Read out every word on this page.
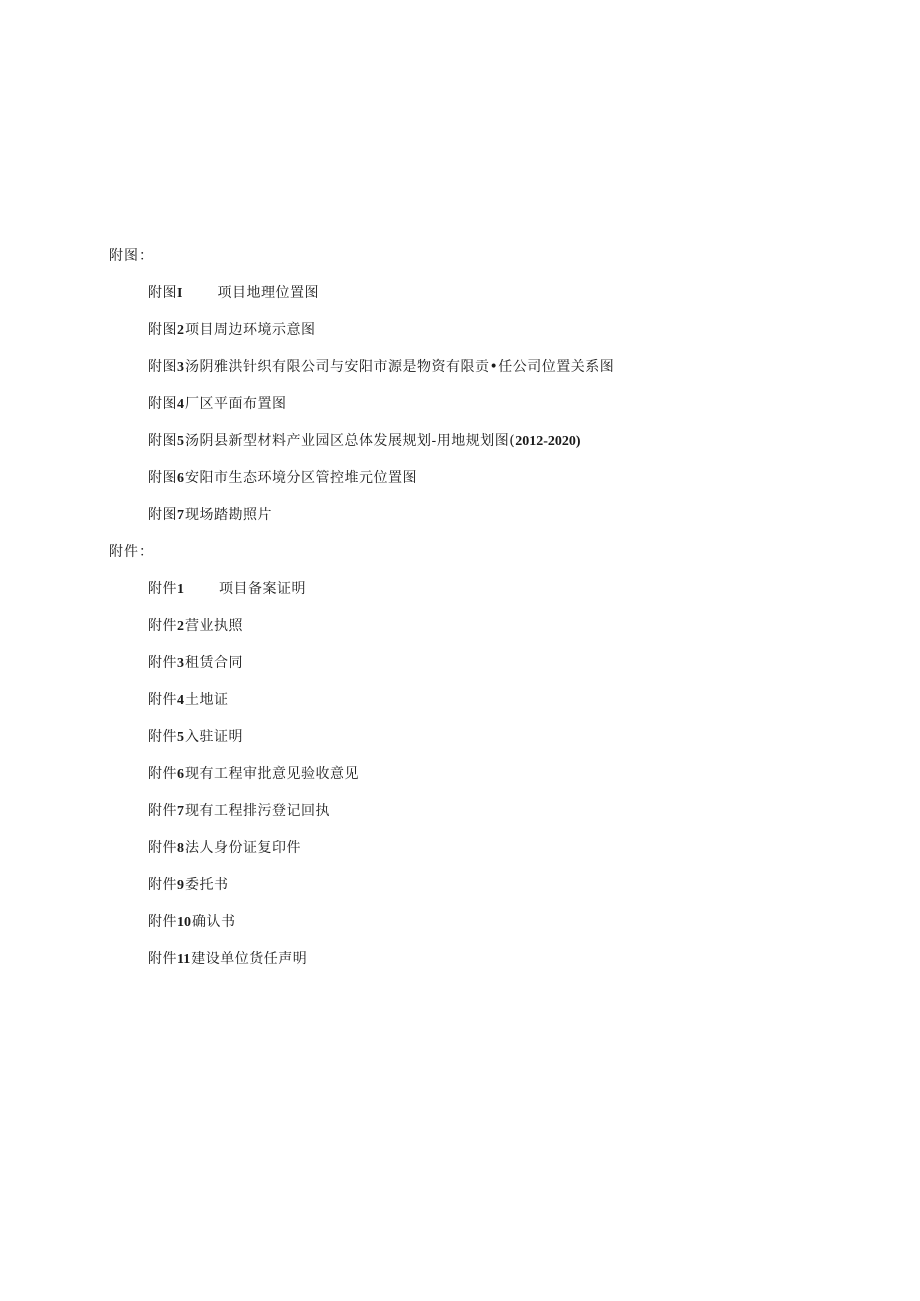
附图：
附图I	项目地理位置图
附图2项目周边环境示意图
附图3汤阴雅洪针织有限公司与安阳市源是物资有限贡•任公司位置关系图
附图4厂区平面布置图
附图5汤阴县新型材料产业园区总体发展规划-用地规划图(2012-2020)
附图6安阳市生态环境分区管控堆元位置图
附图7现场踏勘照片
附件：
附件1	项目备案证明
附件2营业执照
附件3租赁合同
附件4土地证
附件5入驻证明
附件6现有工程审批意见验收意见
附件7现有工程排污登记回执
附件8法人身份证复印件
附件9委托书
附件10确认书
附件11建设单位货任声明
